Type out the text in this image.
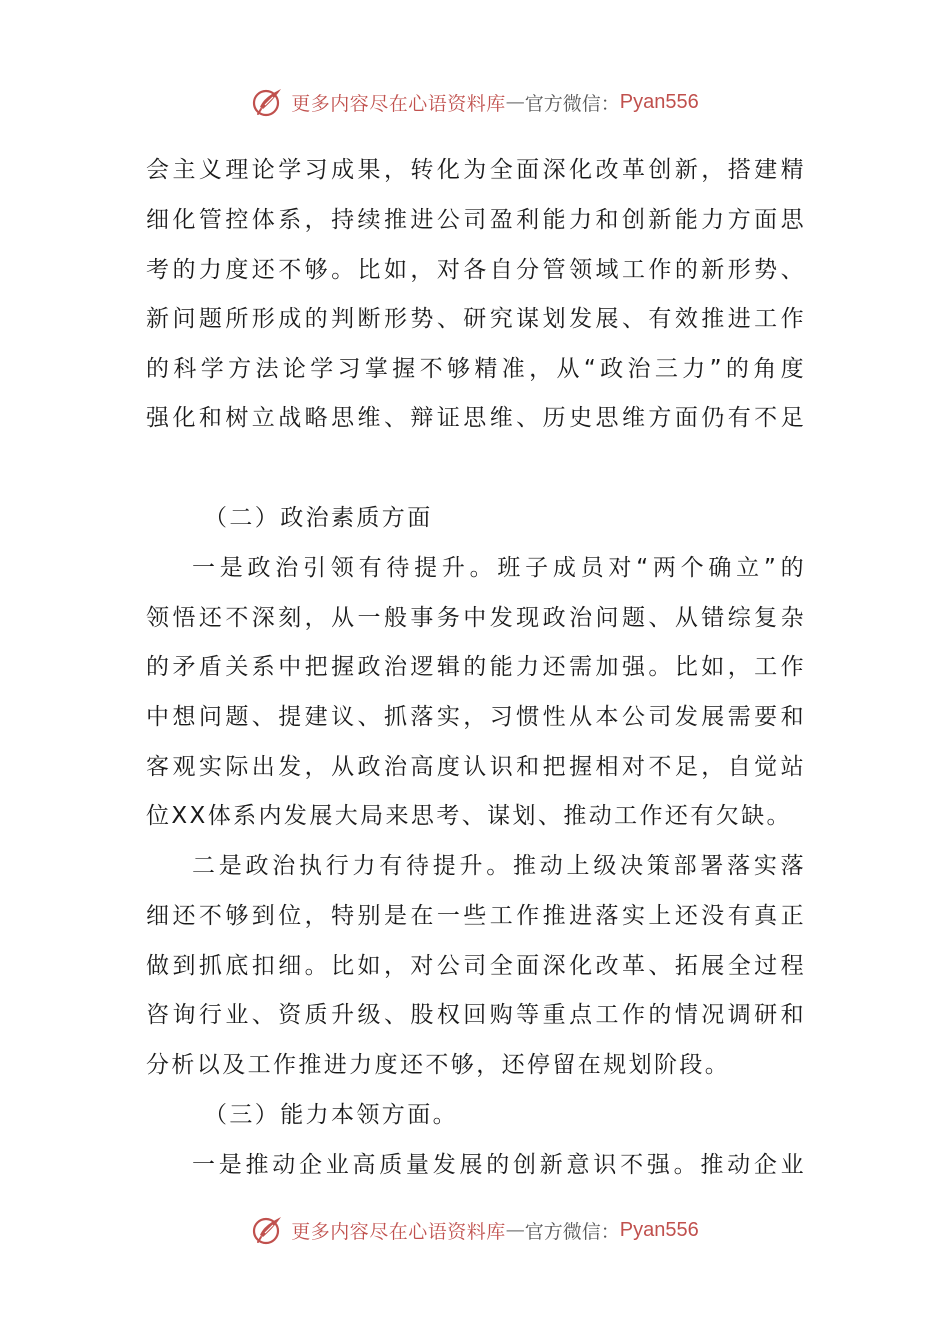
更多内容尽在心语资料库 — 官方微信： Pyan556
会主义理论学习成果，转化为全面深化改革创新，搭建精
细化管控体系，持续推进公司盈利能力和创新能力方面思
考的力度还不够。比如，对各自分管领域工作的新形势、
新问题所形成的判断形势、研究谋划发展、有效推进工作
的科学方法论学习掌握不够精准，从“政治三力”的角度
强化和树立战略思维、辩证思维、历史思维方面仍有不足
（二）政治素质方面
一是政治引领有待提升。班子成员对“两个确立”的
领悟还不深刻，从一般事务中发现政治问题、从错综复杂
的矛盾关系中把握政治逻辑的能力还需加强。比如，工作
中想问题、提建议、抓落实，习惯性从本公司发展需要和
客观实际出发，从政治高度认识和把握相对不足，自觉站
位XX体系内发展大局来思考、谋划、推动工作还有欠缺。
二是政治执行力有待提升。推动上级决策部署落实落
细还不够到位，特别是在一些工作推进落实上还没有真正
做到抓底扣细。比如，对公司全面深化改革、拓展全过程
咨询行业、资质升级、股权回购等重点工作的情况调研和
分析以及工作推进力度还不够，还停留在规划阶段。
（三）能力本领方面。
一是推动企业高质量发展的创新意识不强。推动企业
更多内容尽在心语资料库 — 官方微信： Pyan556
